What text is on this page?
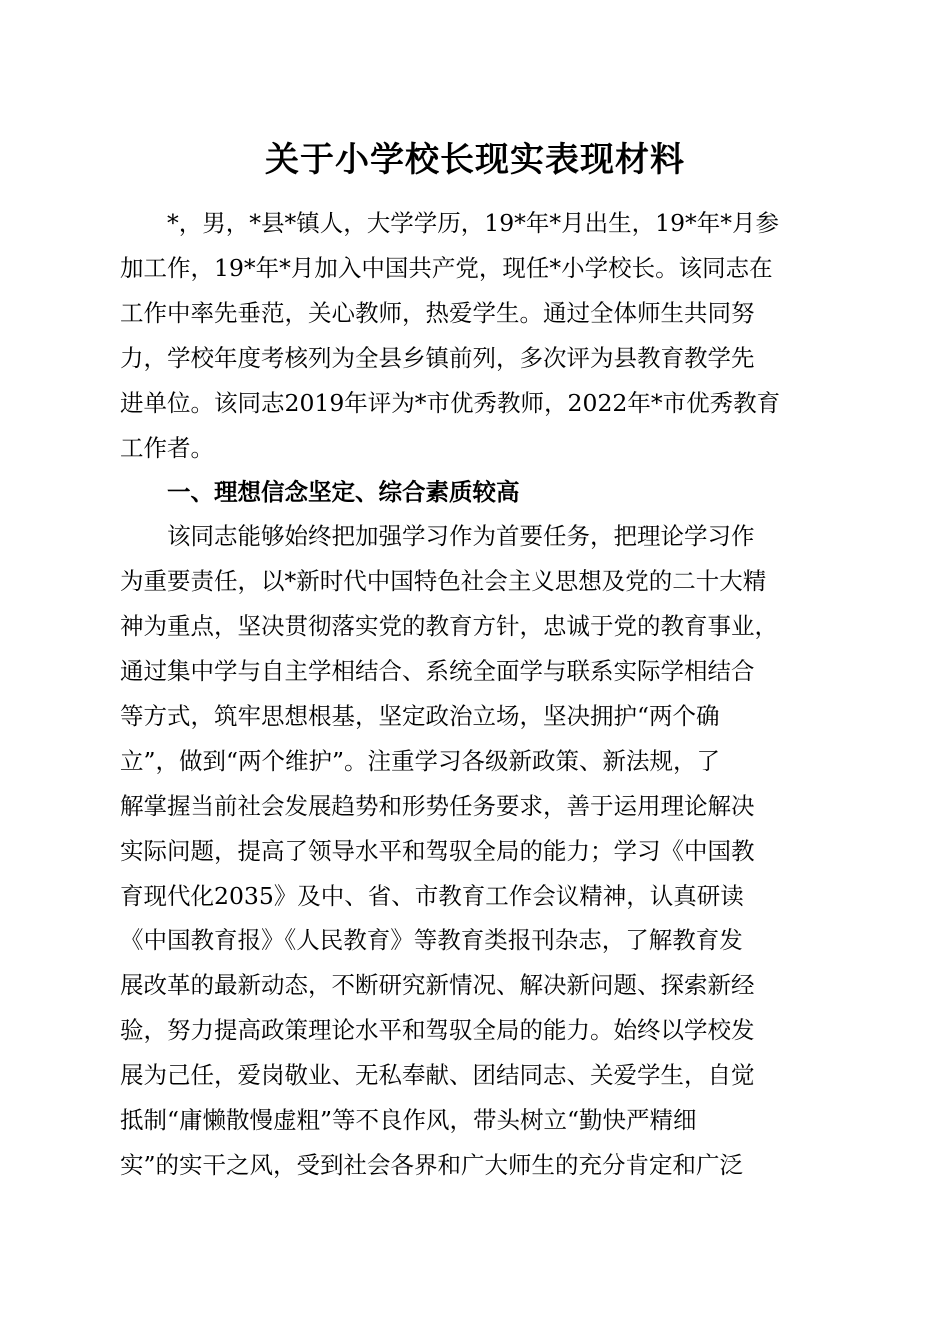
关于小学校长现实表现材料

*，男，*县*镇人，大学学历，19*年*月出生，19*年*月参

加工作，19*年*月加入中国共产党，现任*小学校长。该同志在

工作中率先垂范，关心教师，热爱学生。通过全体师生共同努

力，学校年度考核列为全县乡镇前列，多次评为县教育教学先

进单位。该同志2019年评为*市优秀教师，2022年*市优秀教育

工作者。

一、理想信念坚定、综合素质较高

该同志能够始终把加强学习作为首要任务，把理论学习作

为重要责任，以*新时代中国特色社会主义思想及党的二十大精

神为重点，坚决贯彻落实党的教育方针，忠诚于党的教育事业，

通过集中学与自主学相结合、系统全面学与联系实际学相结合

等方式，筑牢思想根基，坚定政治立场，坚决拥护“两个确

立”，做到“两个维护”。注重学习各级新政策、新法规，了

解掌握当前社会发展趋势和形势任务要求，善于运用理论解决

实际问题，提高了领导水平和驾驭全局的能力；学习《中国教

育现代化2035》及中、省、市教育工作会议精神，认真研读

《中国教育报》《人民教育》等教育类报刊杂志，了解教育发

展改革的最新动态，不断研究新情况、解决新问题、探索新经

验，努力提高政策理论水平和驾驭全局的能力。始终以学校发

展为己任，爱岗敬业、无私奉献、团结同志、关爱学生，自觉

抵制“庸懒散慢虚粗”等不良作风，带头树立“勤快严精细

实”的实干之风，受到社会各界和广大师生的充分肯定和广泛
